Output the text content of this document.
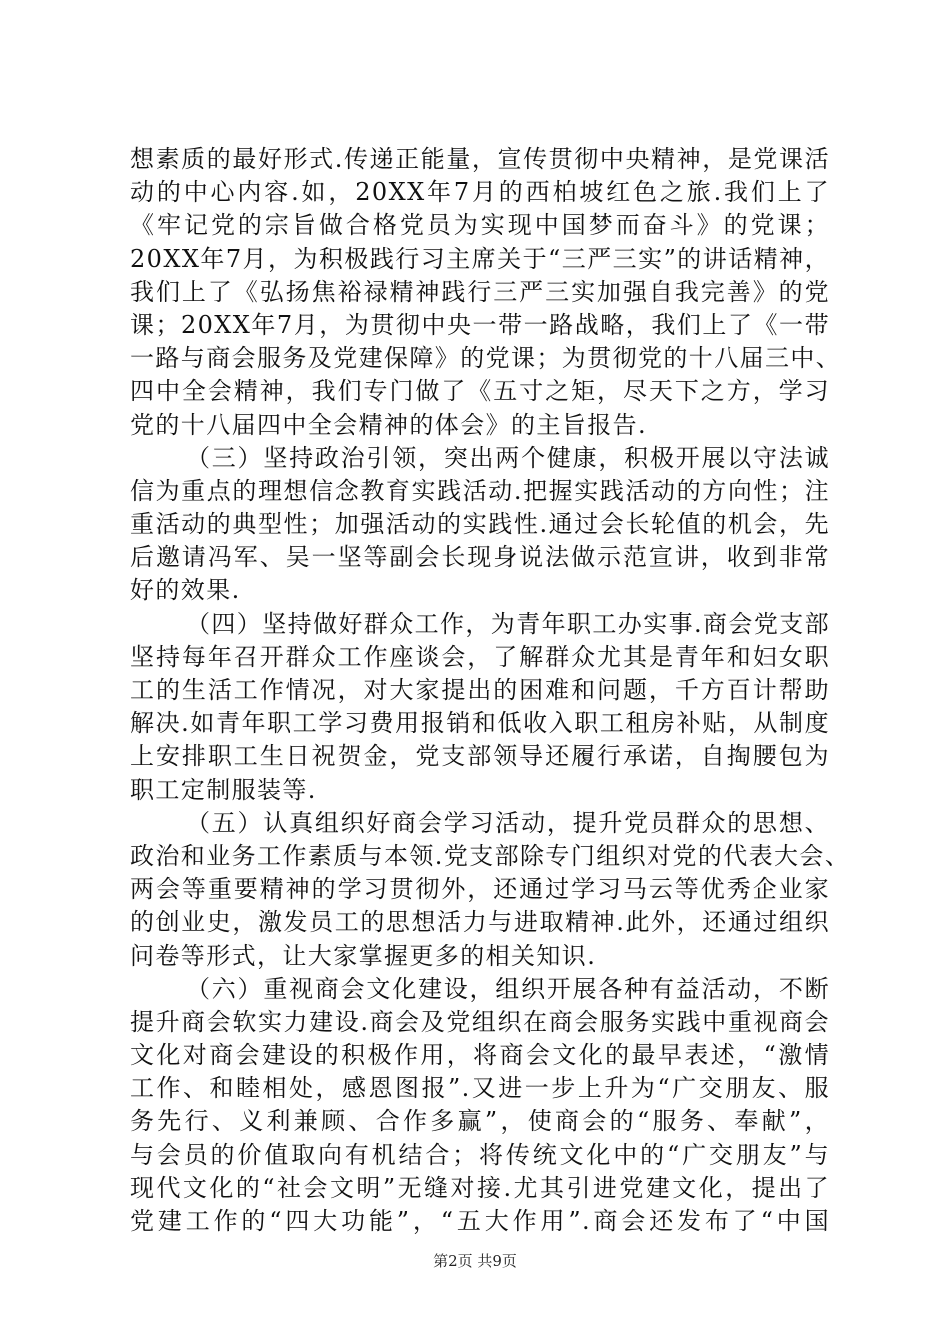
想素质的最好形式.传递正能量，宣传贯彻中央精神，是党课活
动的中心内容.如，20XX年7月的西柏坡红色之旅.我们上了
《牢记党的宗旨做合格党员为实现中国梦而奋斗》的党课；
20XX年7月，为积极践行习主席关于“三严三实”的讲话精神，
我们上了《弘扬焦裕禄精神践行三严三实加强自我完善》的党
课；20XX年7月，为贯彻中央一带一路战略，我们上了《一带
一路与商会服务及党建保障》的党课；为贯彻党的十八届三中、
四中全会精神，我们专门做了《五寸之矩，尽天下之方，学习
党的十八届四中全会精神的体会》的主旨报告.
（三）坚持政治引领，突出两个健康，积极开展以守法诚
信为重点的理想信念教育实践活动.把握实践活动的方向性；注
重活动的典型性；加强活动的实践性.通过会长轮值的机会，先
后邀请冯军、吴一坚等副会长现身说法做示范宣讲，收到非常
好的效果.
（四）坚持做好群众工作，为青年职工办实事.商会党支部
坚持每年召开群众工作座谈会，了解群众尤其是青年和妇女职
工的生活工作情况，对大家提出的困难和问题，千方百计帮助
解决.如青年职工学习费用报销和低收入职工租房补贴，从制度
上安排职工生日祝贺金，党支部领导还履行承诺，自掏腰包为
职工定制服装等.
（五）认真组织好商会学习活动，提升党员群众的思想、
政治和业务工作素质与本领.党支部除专门组织对党的代表大会、
两会等重要精神的学习贯彻外，还通过学习马云等优秀企业家
的创业史，激发员工的思想活力与进取精神.此外，还通过组织
问卷等形式，让大家掌握更多的相关知识.
（六）重视商会文化建设，组织开展各种有益活动，不断
提升商会软实力建设.商会及党组织在商会服务实践中重视商会
文化对商会建设的积极作用，将商会文化的最早表述，“激情
工作、和睦相处，感恩图报”.又进一步上升为“广交朋友、服
务先行、义利兼顾、合作多赢”，使商会的“服务、奉献”，
与会员的价值取向有机结合；将传统文化中的“广交朋友”与
现代文化的“社会文明”无缝对接.尤其引进党建文化，提出了
党建工作的“四大功能”，“五大作用”.商会还发布了“中国
第2页 共9页
